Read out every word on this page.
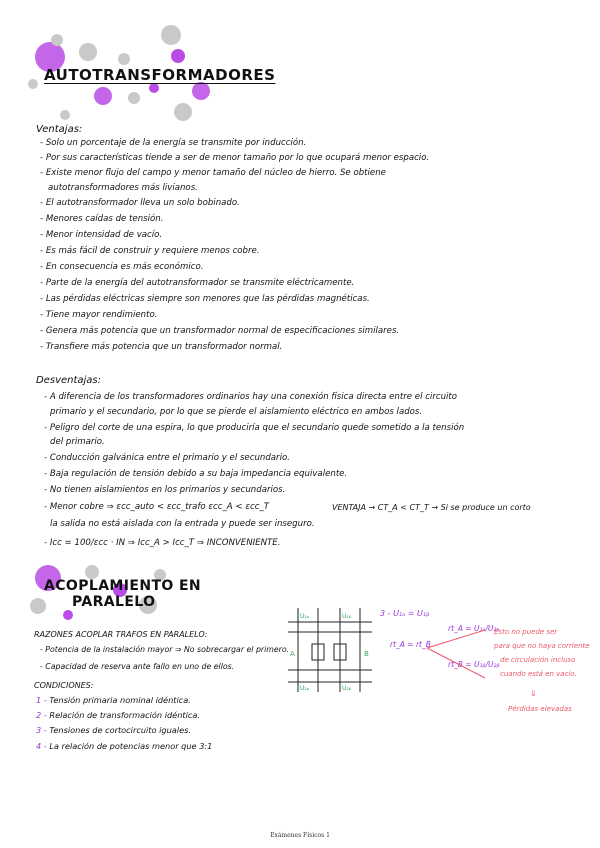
AUTOTRANSFORMADORES
Ventajas:
- Solo un porcentaje de la energía se transmite por inducción.
- Por sus características tiende a ser de menor tamaño por lo que ocupará menor espacio.
- Existe menor flujo del campo y menor tamaño del núcleo de hierro. Se obtiene
autotransformadores más livianos.
- El autotransformador lleva un solo bobinado.
- Menores caídas de tensión.
- Menor intensidad de vacío.
- Es más fácil de construir y requiere menos cobre.
- En consecuencia es más económico.
- Parte de la energía del autotransformador se transmite eléctricamente.
- Las pérdidas eléctricas siempre son menores que las pérdidas magnéticas.
- Tiene mayor rendimiento.
- Genera más potencia que un transformador normal de especificaciones similares.
- Transfiere más potencia que un transformador normal.
Desventajas:
- A diferencia de los transformadores ordinarios hay una conexión física directa entre el circuito
primario y el secundario, por lo que se pierde el aislamiento eléctrico en ambos lados.
- Peligro del corte de una espira, lo que produciría que el secundario quede sometido a la tensión
del primario.
- Conducción galvánica entre el primario y el secundario.
- Baja regulación de tensión debido a su baja impedancia equivalente.
- No tienen aislamientos en los primarios y secundarios.
- Menor cobre ⇒ εcc_auto < εcc_trafo εcc_A < εcc_T
la salida no está aislada con la entrada y puede ser inseguro.
- Icc = 100/εcc · IN ⇒ Icc_A > Icc_T ⇒ INCONVENIENTE.
VENTAJA → CT_A < CT_T → Si se produce un corto
ACOPLAMIENTO EN
PARALELO
RAZONES ACOPLAR TRAFOS EN PARALELO:
- Potencia de la instalación mayor ⇒ No sobrecargar el primero.
- Capacidad de reserva ante fallo en uno de ellos.
CONDICIONES:
1 - Tensión primaria nominal idéntica.
2 - Relación de transformación idéntica.
3 - Tensiones de cortocircuito iguales.
4 - La relación de potencias menor que 3:1
U₁ₐ	U₁ᵦ
U₂ₐ	U₂ᵦ
A	B
3 - U₁ₐ = U₁ᵦ
rt_A = rt_B
rt_A = U₁ₐ/U₂ₐ
rt_B = U₁ᵦ/U₂ᵦ
Esto no puede ser
para que no haya corriente
de circulación incluso
cuando está en vacío.
⇓
Pérdidas elevadas
Exámenes Físicos 1
